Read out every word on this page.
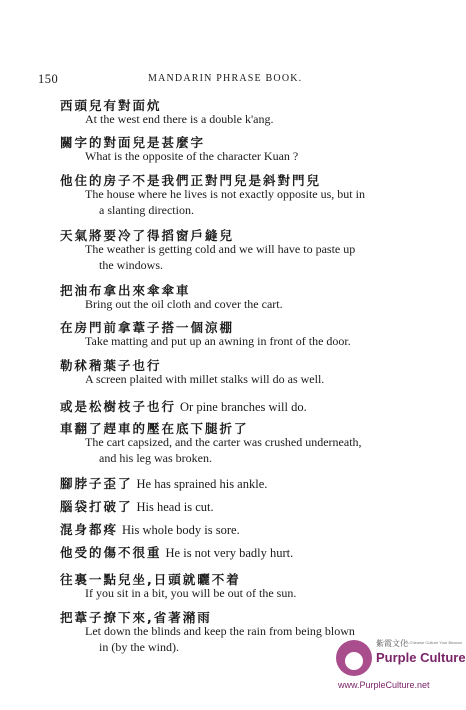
150	MANDARIN PHRASE BOOK.
西頭兒有對面炕
At the west end there is a double k'ang.
關字的對面兒是甚麼字
What is the opposite of the character Kuan ?
他住的房子不是我們正對門兒是斜對門兒
The house where he lives is not exactly opposite us, but in
a slanting direction.
天氣將要冷了得搯窗戶縫兒
The weather is getting cold and we will have to paste up
the windows.
把油布拿出來傘傘車
Bring out the oil cloth and cover the cart.
在房門前拿葦子搭一個涼棚
Take matting and put up an awning in front of the door.
勒秫稭葉子也行
A screen plaited with millet stalks will do as well.
或是松樹枝子也行 Or pine branches will do.
車翻了趕車的壓在底下腿折了
The cart capsized, and the carter was crushed underneath,
and his leg was broken.
腳脖子歪了 He has sprained his ankle.
腦袋打破了 His head is cut.
混身都疼 His whole body is sore.
他受的傷不很重 He is not very badly hurt.
往裏一點兒坐,日頭就曬不着
If you sit in a bit, you will be out of the sun.
把葦子撩下來,省著潲雨
Let down the blinds and keep the rain from being blown
in (by the wind).	紫霞文化
A Chinese Culture Your Beacon
Purple Culture
www.PurpleCulture.net
